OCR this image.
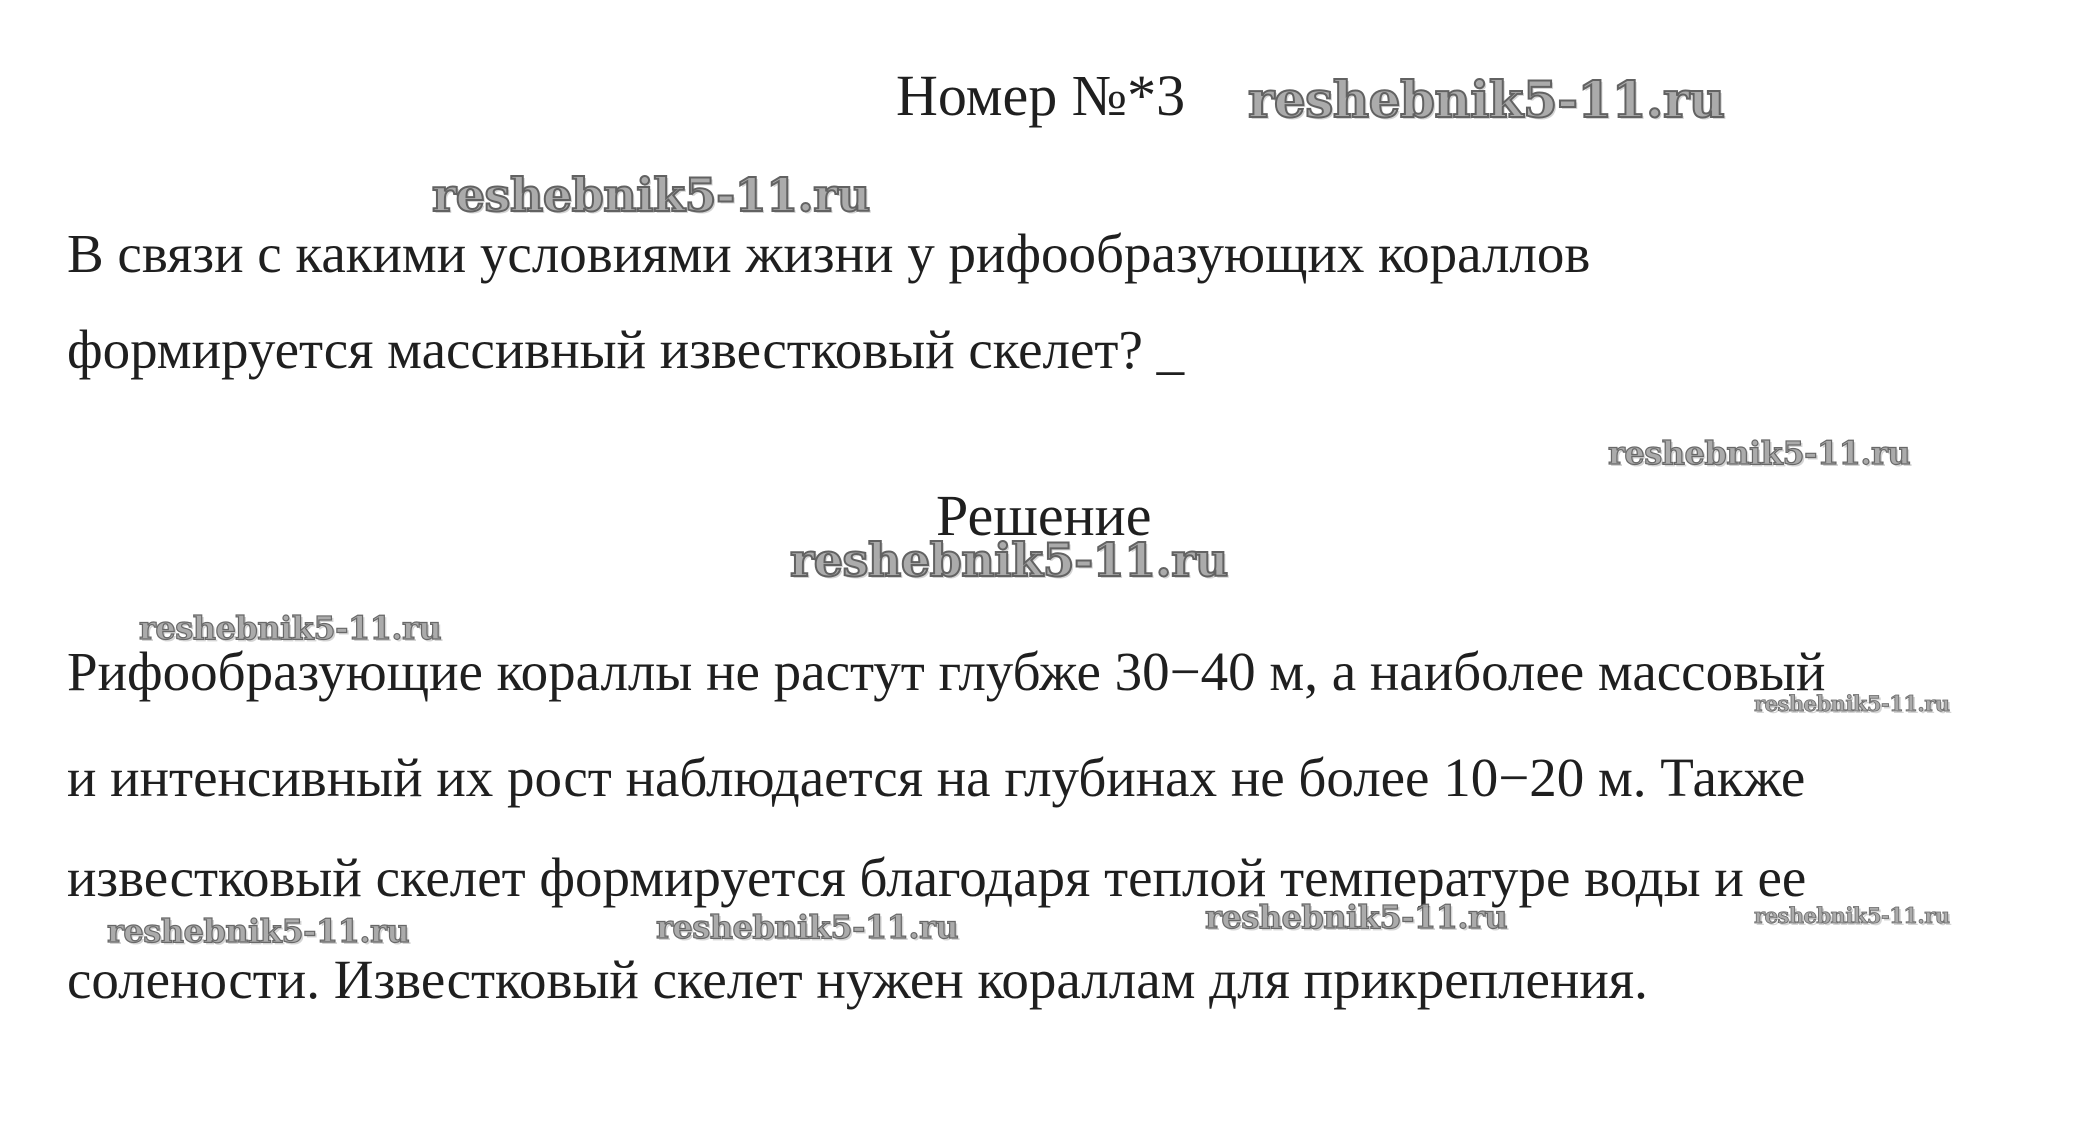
Номер №*3
В связи с какими условиями жизни у рифообразующих кораллов
формируется массивный известковый скелет? _
Решение
Рифообразующие кораллы не растут глубже 30−40 м, а наиболее массовый
и интенсивный их рост наблюдается на глубинах не более 10−20 м. Также
известковый скелет формируется благодаря теплой температуре воды и ее
солености. Известковый скелет нужен кораллам для прикрепления.
reshebnik5-11.ru
reshebnik5-11.ru
reshebnik5-11.ru
reshebnik5-11.ru
reshebnik5-11.ru
reshebnik5-11.ru
reshebnik5-11.ru	reshebnik5-11.ru	reshebnik5-11.ru	reshebnik5-11.ru
